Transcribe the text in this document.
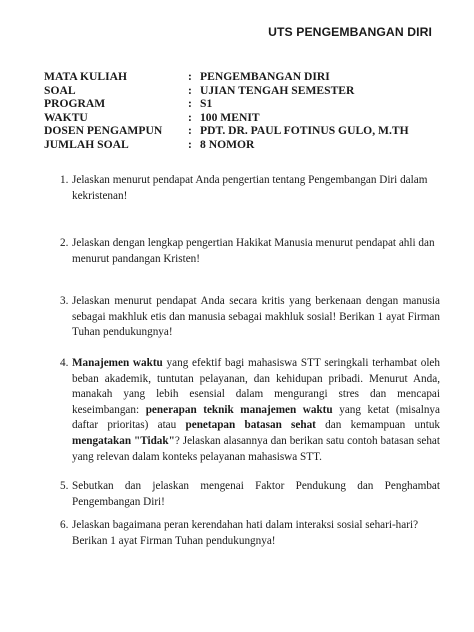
UTS PENGEMBANGAN DIRI
MATA KULIAH	: PENGEMBANGAN DIRI
SOAL	: UJIAN TENGAH SEMESTER
PROGRAM	: S1
WAKTU	: 100 MENIT
DOSEN PENGAMPUN	: PDT. DR. PAUL FOTINUS GULO, M.TH
JUMLAH SOAL	: 8 NOMOR
1. Jelaskan menurut pendapat Anda pengertian tentang Pengembangan Diri dalam kekristenan!
2. Jelaskan dengan lengkap pengertian Hakikat Manusia menurut pendapat ahli dan menurut pandangan Kristen!
3. Jelaskan menurut pendapat Anda secara kritis yang berkenaan dengan manusia sebagai makhluk etis dan manusia sebagai makhluk sosial! Berikan 1 ayat Firman Tuhan pendukungnya!
4. Manajemen waktu yang efektif bagi mahasiswa STT seringkali terhambat oleh beban akademik, tuntutan pelayanan, dan kehidupan pribadi. Menurut Anda, manakah yang lebih esensial dalam mengurangi stres dan mencapai keseimbangan: penerapan teknik manajemen waktu yang ketat (misalnya daftar prioritas) atau penetapan batasan sehat dan kemampuan untuk mengatakan "Tidak"? Jelaskan alasannya dan berikan satu contoh batasan sehat yang relevan dalam konteks pelayanan mahasiswa STT.
5. Sebutkan dan jelaskan mengenai Faktor Pendukung dan Penghambat Pengembangan Diri!
6. Jelaskan bagaimana peran kerendahan hati dalam interaksi sosial sehari-hari? Berikan 1 ayat Firman Tuhan pendukungnya!
